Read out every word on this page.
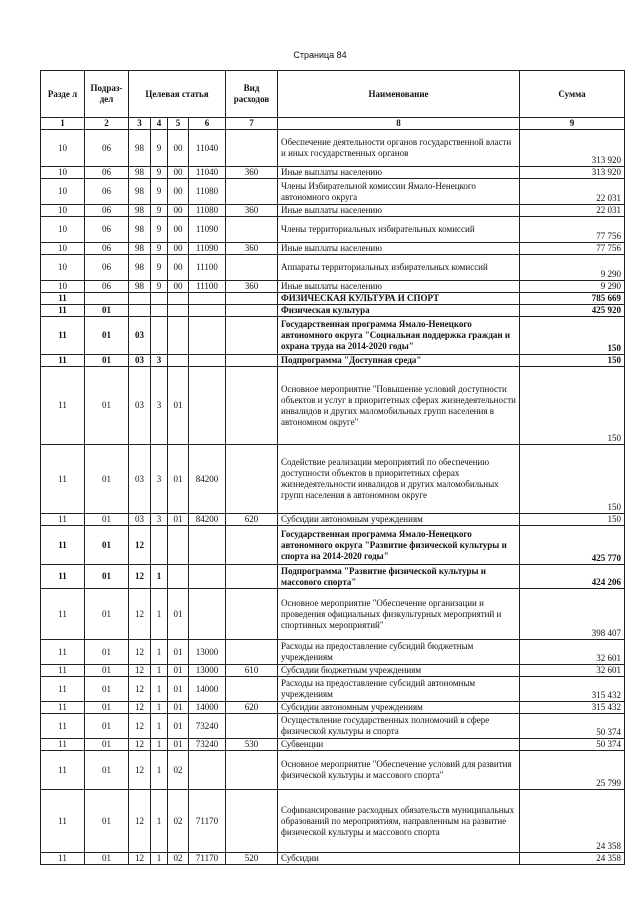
Страница 84
Разде л	Подраз-дел	Целевая статья				Вид расходов	Наименование	Сумма
1	2	3	4	5	6	7	8	9
10	06	98	9	00	11040		Обеспечение деятельности органов государственной власти и иных государственных органов	313 920
10	06	98	9	00	11040	360	Иные выплаты населению	313 920
10	06	98	9	00	11080		Члены Избирательной комиссии Ямало-Ненецкого автономного округа	22 031
10	06	98	9	00	11080	360	Иные выплаты населению	22 031
10	06	98	9	00	11090		Члены территориальных избирательных комиссий	77 756
10	06	98	9	00	11090	360	Иные выплаты населению	77 756
10	06	98	9	00	11100		Аппараты территориальных избирательных комиссий	9 290
10	06	98	9	00	11100	360	Иные выплаты населению	9 290
11							ФИЗИЧЕСКАЯ КУЛЬТУРА И СПОРТ	785 669
11	01						Физическая культура	425 920
11	01	03					Государственная программа Ямало-Ненецкого автономного округа "Социальная поддержка граждан и охрана труда на 2014-2020 годы"	150
11	01	03	3				Подпрограмма "Доступная среда"	150
11	01	03	3	01			Основное мероприятие "Повышение условий доступности объектов и услуг в приоритетных сферах жизнедеятельности инвалидов и других маломобильных групп населения в автономном округе"	150
11	01	03	3	01	84200		Содействие реализации мероприятий по обеспечению доступности объектов в приоритетных сферах жизнедеятельности инвалидов и других маломобильных групп населения в автономном округе	150
11	01	03	3	01	84200	620	Субсидии автономным учреждениям	150
11	01	12					Государственная программа Ямало-Ненецкого автономного округа "Развитие физической культуры и спорта на 2014-2020 годы"	425 770
11	01	12	1				Подпрограмма "Развитие физической культуры и массового спорта"	424 206
11	01	12	1	01			Основное мероприятие "Обеспечение организации и проведения официальных физкультурных мероприятий и спортивных мероприятий"	398 407
11	01	12	1	01	13000		Расходы на предоставление субсидий бюджетным учреждениям	32 601
11	01	12	1	01	13000	610	Субсидии бюджетным учреждениям	32 601
11	01	12	1	01	14000		Расходы на предоставление субсидий автономным учреждениям	315 432
11	01	12	1	01	14000	620	Субсидии автономным учреждениям	315 432
11	01	12	1	01	73240		Осуществление государственных полномочий в сфере физической культуры и спорта	50 374
11	01	12	1	01	73240	530	Субвенции	50 374
11	01	12	1	02			Основное мероприятие "Обеспечение условий для развития физической культуры и массового спорта"	25 799
11	01	12	1	02	71170		Софинансирование расходных обязательств муниципальных образований по мероприятиям, направленным на развитие физической культуры и массового спорта	24 358
11	01	12	1	02	71170	520	Субсидии	24 358
